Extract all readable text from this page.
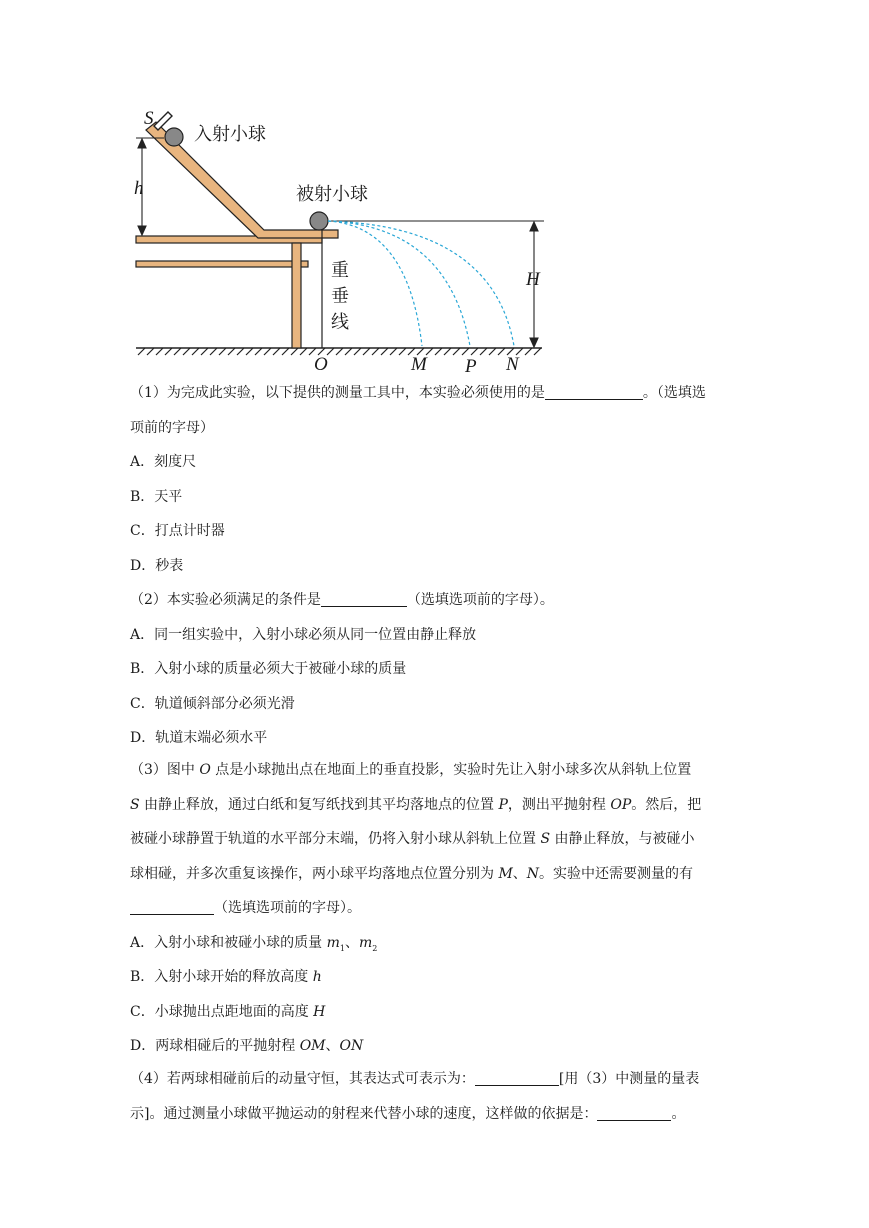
S
入射小球
h	被射小球
H
重
垂
线
O	M P N
（1）为完成此实验，以下提供的测量工具中，本实验必须使用的是	。（选填选
项前的字母）
A．刻度尺
B．天平
C．打点计时器
D．秒表
（2）本实验必须满足的条件是	（选填选项前的字母）。
A．同一组实验中，入射小球必须从同一位置由静止释放
B．入射小球的质量必须大于被碰小球的质量
C．轨道倾斜部分必须光滑
D．轨道末端必须水平
（3）图中 O 点是小球抛出点在地面上的垂直投影，实验时先让入射小球多次从斜轨上位置
S 由静止释放，通过白纸和复写纸找到其平均落地点的位置 P，测出平抛射程 OP。然后，把
被碰小球静置于轨道的水平部分末端，仍将入射小球从斜轨上位置 S 由静止释放，与被碰小
球相碰，并多次重复该操作，两小球平均落地点位置分别为 M、N。实验中还需要测量的有
（选填选项前的字母）。
A．入射小球和被碰小球的质量 $m_1$、$m_2$
B．入射小球开始的释放高度 h
C．小球抛出点距地面的高度 H
D．两球相碰后的平抛射程 OM、ON
（4）若两球相碰前后的动量守恒，其表达式可表示为：	[用（3）中测量的量表
示]。通过测量小球做平抛运动的射程来代替小球的速度，这样做的依据是：	。
